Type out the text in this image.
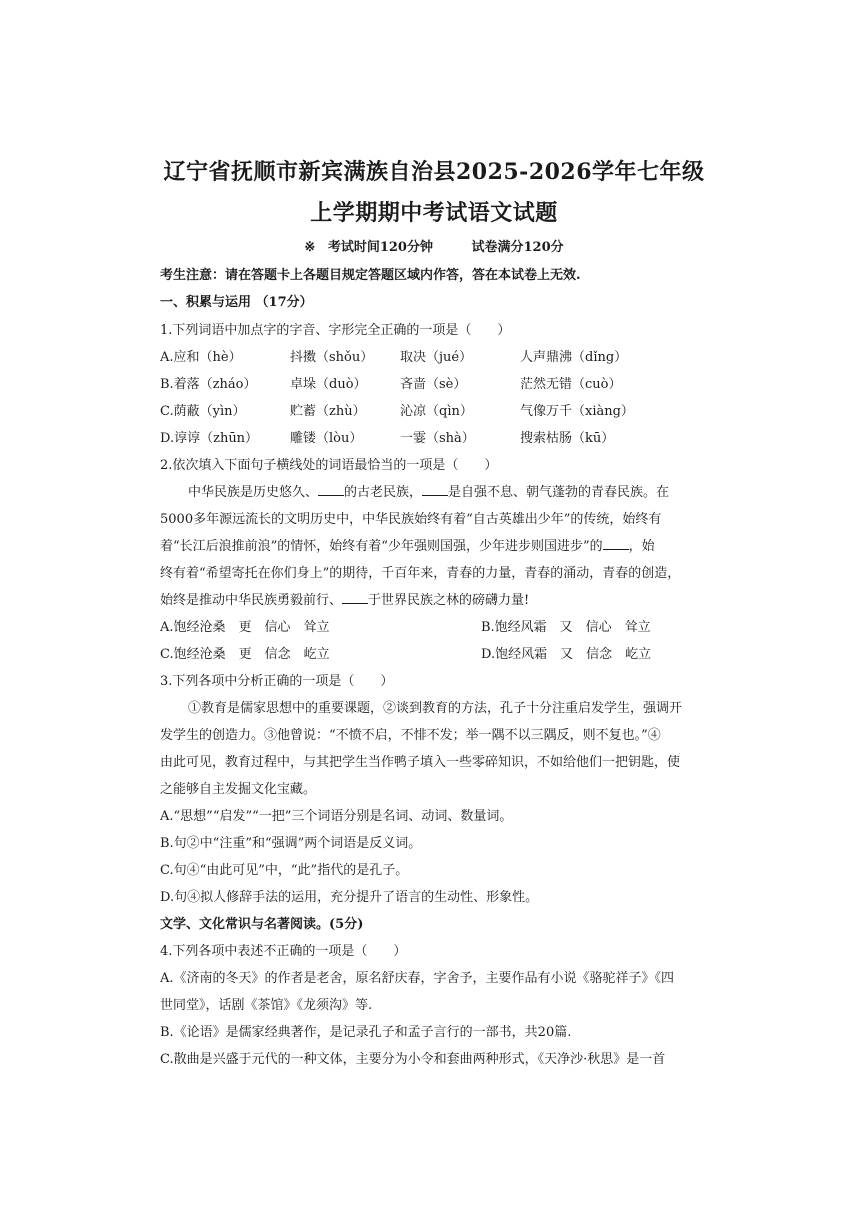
辽宁省抚顺市新宾满族自治县2025-2026学年七年级
上学期期中考试语文试题
※ 考试时间120分钟	试卷满分120分
考生注意：请在答题卡上各题目规定答题区域内作答，答在本试卷上无效.
一、积累与运用 （17分）
1.下列词语中加点字的字音、字形完全正确的一项是（　　）
A.应和（hè）	抖擞（shǒu） 取决（jué）	人声鼎沸（dǐng）
B.着落（zháo）	卓垛（duò）	吝啬（sè）	茫然无错（cuò）
C.荫蔽（yìn）	贮蓄（zhù）	沁凉（qìn）	气像万千（xiàng）
D.谆谆（zhūn） 雕镂（lòu）	一霎（shà）	搜索枯肠（kū）
2.依次填入下面句子横线处的词语最恰当的一项是（　　）
中华民族是历史悠久、 的古老民族， 是自强不息、朝气蓬勃的青春民族。在
5000多年源远流长的文明历史中，中华民族始终有着“自古英雄出少年”的传统，始终有
着“长江后浪推前浪”的情怀，始终有着“少年强则国强，少年进步则国进步”的 ，始
终有着“希望寄托在你们身上”的期待，千百年来，青春的力量，青春的涌动，青春的创造，
始终是推动中华民族勇毅前行、 于世界民族之林的磅礴力量!
A.饱经沧桑　更　信心　耸立	B.饱经风霜　又　信心　耸立
C.饱经沧桑　更　信念　屹立	D.饱经风霜　又　信念　屹立
3.下列各项中分析正确的一项是（　　）
①教育是儒家思想中的重要课题，②谈到教育的方法，孔子十分注重启发学生，强调开
发学生的创造力。③他曾说：“不愤不启，不悱不发；举一隅不以三隅反，则不复也。”④
由此可见，教育过程中，与其把学生当作鸭子填入一些零碎知识，不如给他们一把钥匙，使
之能够自主发掘文化宝藏。
A.“思想”“启发”“一把”三个词语分别是名词、动词、数量词。
B.句②中“注重”和“强调”两个词语是反义词。
C.句④“由此可见”中，“此”指代的是孔子。
D.句④拟人修辞手法的运用，充分提升了语言的生动性、形象性。
文学、文化常识与名著阅读。(5分)
4.下列各项中表述不正确的一项是（　　）
A.《济南的冬天》的作者是老舍，原名舒庆春，字舍予，主要作品有小说《骆驼祥子》《四
世同堂》，话剧《茶馆》《龙须沟》等.
B.《论语》是儒家经典著作，是记录孔子和孟子言行的一部书，共20篇.
C.散曲是兴盛于元代的一种文体，主要分为小令和套曲两种形式，《天净沙·秋思》是一首
